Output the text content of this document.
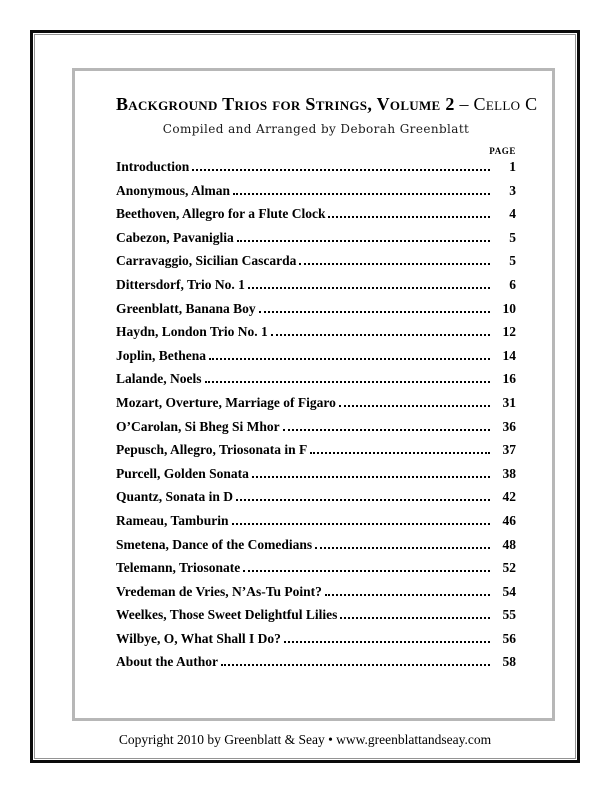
Background Trios for Strings, Volume 2 – Cello C
Compiled and Arranged by Deborah Greenblatt
PAGE
Introduction	1
Anonymous, Alman	3
Beethoven, Allegro for a Flute Clock	4
Cabezon, Pavaniglia	5
Carravaggio, Sicilian Cascarda	5
Dittersdorf, Trio No. 1	6
Greenblatt, Banana Boy	10
Haydn, London Trio No. 1	12
Joplin, Bethena	14
Lalande, Noels	16
Mozart, Overture, Marriage of Figaro	31
O’Carolan, Si Bheg Si Mhor	36
Pepusch, Allegro, Triosonata in F	37
Purcell, Golden Sonata	38
Quantz, Sonata in D	42
Rameau, Tamburin	46
Smetena, Dance of the Comedians	48
Telemann, Triosonate	52
Vredeman de Vries, N’As-Tu Point?	54
Weelkes, Those Sweet Delightful Lilies	55
Wilbye, O, What Shall I Do?	56
About the Author	58
Copyright 2010 by Greenblatt & Seay • www.greenblattandseay.com
